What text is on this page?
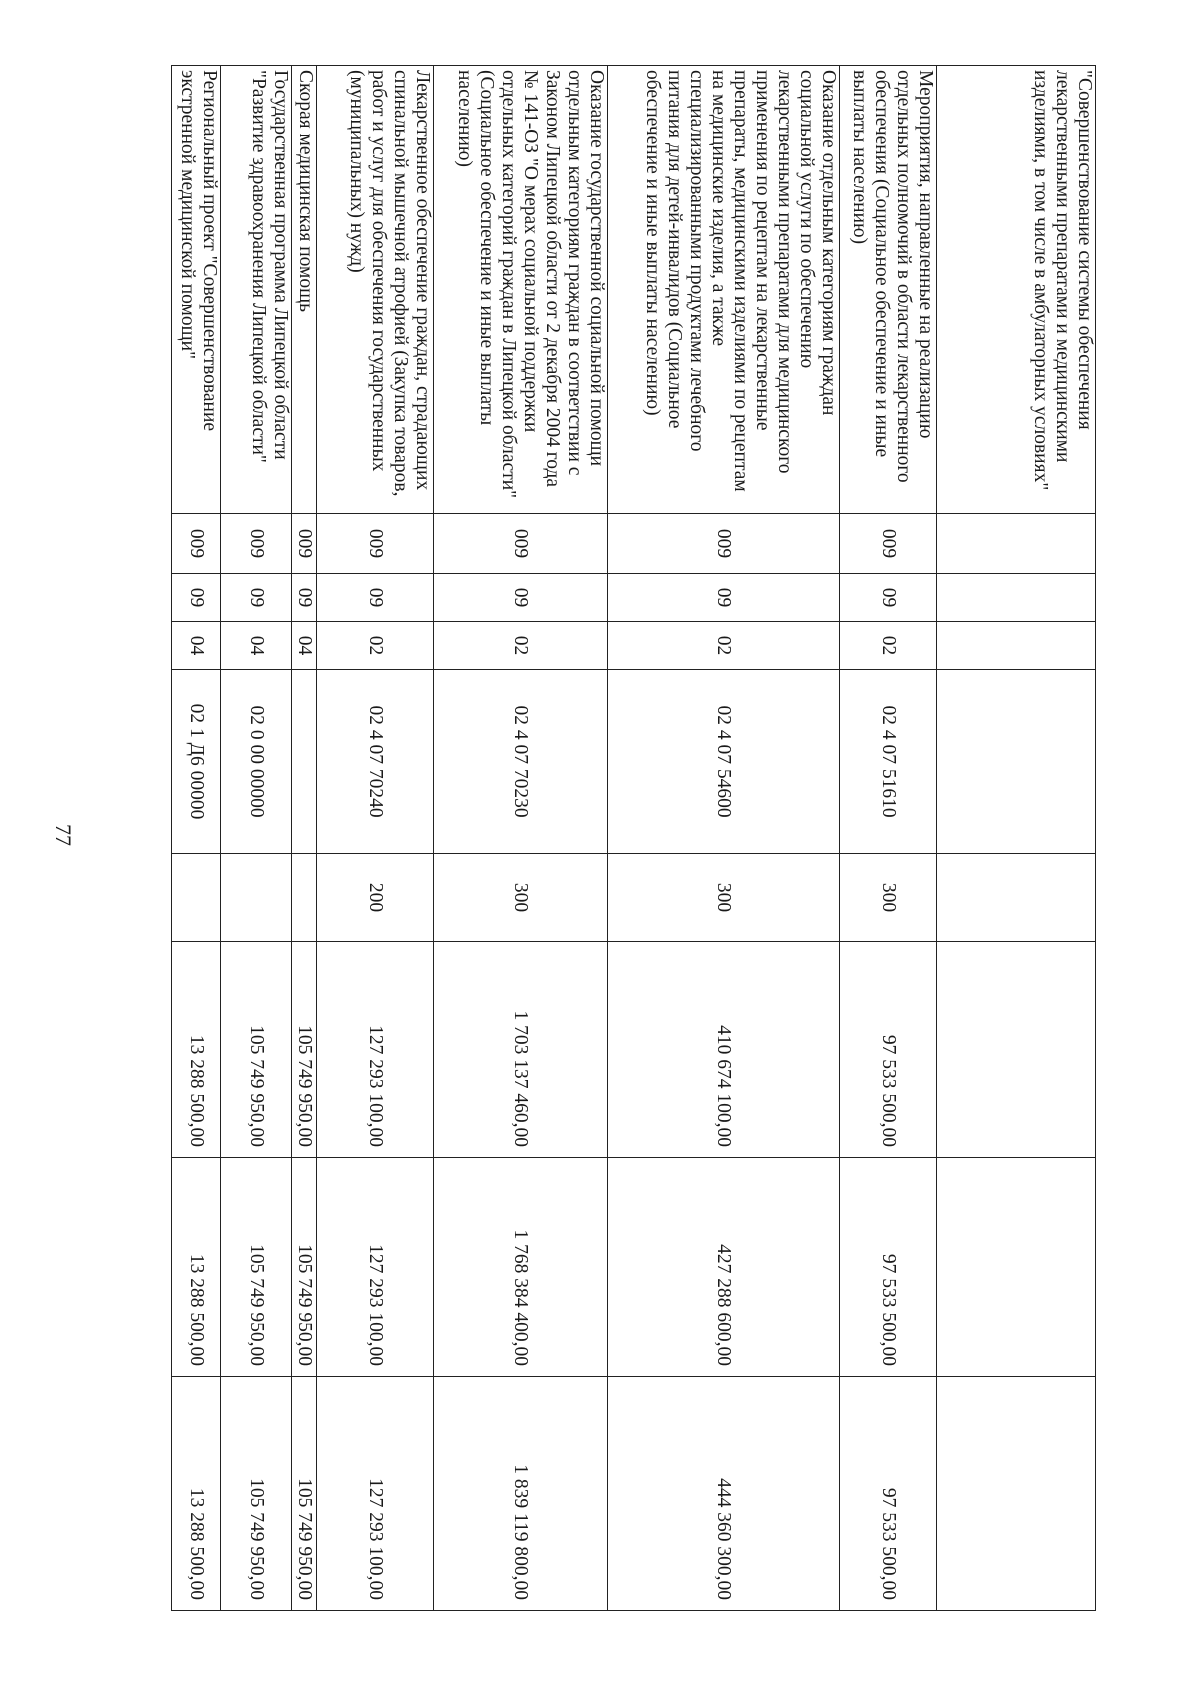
77
"Совершенствование системы обеспечения лекарственными препаратами и медицинскими изделиями, в том числе в амбулаторных условиях"								
Мероприятия, направленные на реализацию отдельных полномочий в области лекарственного обеспечения (Социальное обеспечение и иные выплаты населению)	009	09	02	02 4 07 51610	300	97 533 500,00	97 533 500,00	97 533 500,00
Оказание отдельным категориям граждан социальной услуги по обеспечению лекарственными препаратами для медицинского применения по рецептам на лекарственные препараты, медицинскими изделиями по рецептам на медицинские изделия, а также специализированными продуктами лечебного питания для детей-инвалидов (Социальное обеспечение и иные выплаты населению)	009	09	02	02 4 07 54600	300	410 674 100,00	427 288 600,00	444 360 300,00
Оказание государственной социальной помощи отдельным категориям граждан в соответствии с Законом Липецкой области от 2 декабря 2004 года № 141-ОЗ "О мерах социальной поддержки отдельных категорий граждан в Липецкой области" (Социальное обеспечение и иные выплаты населению)	009	09	02	02 4 07 70230	300	1 703 137 460,00	1 768 384 400,00	1 839 119 800,00
Лекарственное обеспечение граждан, страдающих спинальной мышечной атрофией (Закупка товаров, работ и услуг для обеспечения государственных (муниципальных) нужд)	009	09	02	02 4 07 70240	200	127 293 100,00	127 293 100,00	127 293 100,00
Скорая медицинская помощь	009	09	04			105 749 950,00	105 749 950,00	105 749 950,00
Государственная программа Липецкой области "Развитие здравоохранения Липецкой области"	009	09	04	02 0 00 00000		105 749 950,00	105 749 950,00	105 749 950,00
Региональный проект "Совершенствование экстренной медицинской помощи"	009	09	04	02 1 Д6 00000		13 288 500,00	13 288 500,00	13 288 500,00
